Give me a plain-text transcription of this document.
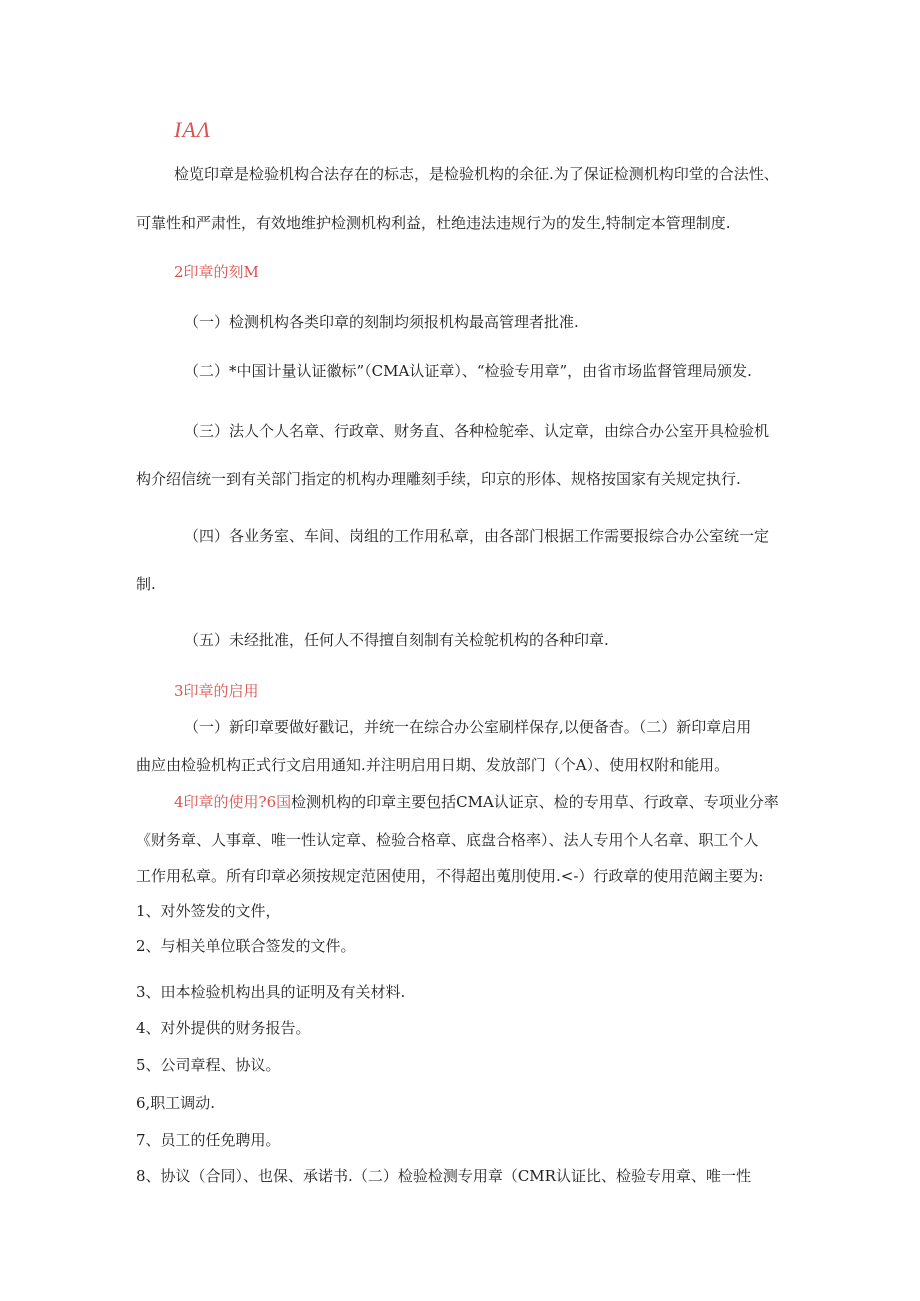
IAΛ
检览印章是检验机构合法存在的标志，是检验机构的余征.为了保证检测机构印堂的合法性、
可靠性和严肃性，有效地维护检测机构利益，杜绝违法违规行为的发生,特制定本管理制度.
2印章的刻M
（一）检测机构各类印章的刻制均须报机构最高管理者批准.
（二）*中国计量认证徽标”（CMA认证章）、“检验专用章”，由省市场监督管理局颁发.
（三）法人个人名章、行政章、财务直、各种检鸵牵、认定章，由综合办公室开具检验机
构介绍信统一到有关部门指定的机构办理雕刻手续，印京的形体、规格按国家有关规定执行.
（四）各业务室、车间、岗组的工作用私章，由各部门根据工作需要报综合办公室统一定
制.
（五）未经批准，任何人不得擅自刻制有关检鸵机构的各种印章.
3印章的启用
（一）新印章要做好戳记，并统一在综合办公室刷样保存,以便备杳。（二）新印章启用
曲应由检验机构正式行文启用通知.并注明启用日期、发放部门（个A）、使用权附和能用。
4印章的使用?6国检测机构的印章主要包括CMA认证京、检的专用草、行政章、专项业分率
《财务章、人事章、唯一性认定章、检验合格章、底盘合格率）、法人专用个人名章、职工个人
工作用私章。所有印章必须按规定范困使用，不得超出蒐刖使用.<-）行政章的使用范阚主要为:
1、对外签发的文件，
2、与相关单位联合签发的文件。
3、田本检验机构出具的证明及有关材料.
4、对外提供的财务报告。
5、公司章程、协议。
6,职工调动.
7、员工的任免聘用。
8、协议（合同）、也保、承诺书.（二）检验检测专用章（CMR认证比、检验专用章、唯一性
